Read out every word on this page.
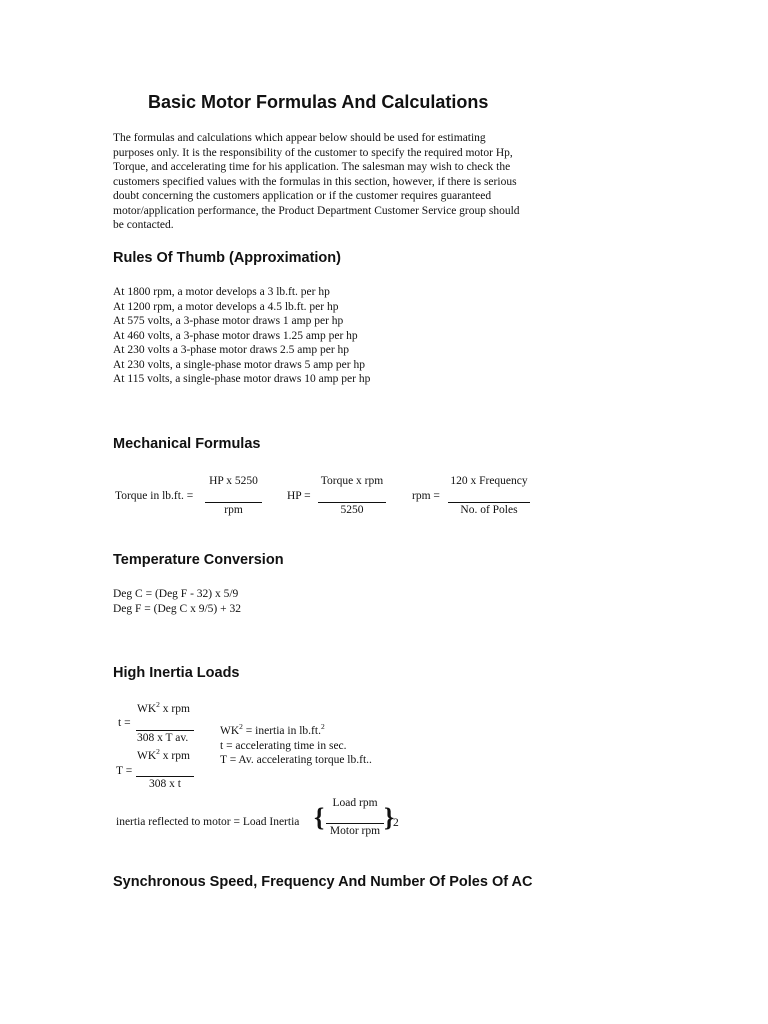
Basic Motor Formulas And Calculations
The formulas and calculations which appear below should be used for estimating
purposes only. It is the responsibility of the customer to specify the required motor Hp,
Torque, and accelerating time for his application. The salesman may wish to check the
customers specified values with the formulas in this section, however, if there is serious
doubt concerning the customers application or if the customer requires guaranteed
motor/application performance, the Product Department Customer Service group should
be contacted.
Rules Of Thumb (Approximation)
At 1800 rpm, a motor develops a 3 lb.ft. per hp
At 1200 rpm, a motor develops a 4.5 lb.ft. per hp
At 575 volts, a 3-phase motor draws 1 amp per hp
At 460 volts, a 3-phase motor draws 1.25 amp per hp
At 230 volts a 3-phase motor draws 2.5 amp per hp
At 230 volts, a single-phase motor draws 5 amp per hp
At 115 volts, a single-phase motor draws 10 amp per hp
Mechanical Formulas
Torque in lb.ft. =
HP x 5250
rpm
HP =
Torque x rpm
5250
rpm =
120 x Frequency
No. of Poles
Temperature Conversion
Deg C = (Deg F - 32) x 5/9
Deg F = (Deg C x 9/5) + 32
High Inertia Loads
t =
$WK^2$ x rpm
308 x T av.
T =
$WK^2$ x rpm
308 x t
$WK^2$ = inertia in lb.ft.$^2$
t = accelerating time in sec.
T = Av. accelerating torque lb.ft..
inertia reflected to motor = Load Inertia { Load rpm
Motor rpm }
2
Synchronous Speed, Frequency And Number Of Poles Of AC
